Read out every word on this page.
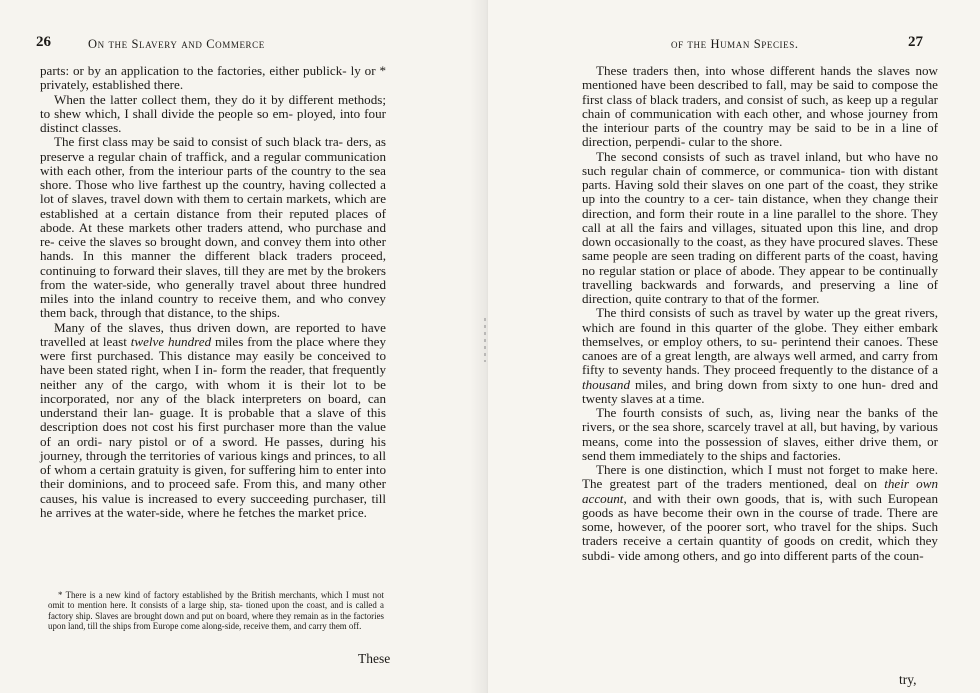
26	On the Slavery and Commerce
parts: or by an application to the factories, either publick- ly or * privately, established there.
When the latter collect them, they do it by different methods; to shew which, I shall divide the people so em- ployed, into four distinct classes.
The first class may be said to consist of such black tra- ders, as preserve a regular chain of traffick, and a regular communication with each other, from the interiour parts of the country to the sea shore. Those who live farthest up the country, having collected a lot of slaves, travel down with them to certain markets, which are established at a certain distance from their reputed places of abode. At these markets other traders attend, who purchase and re- ceive the slaves so brought down, and convey them into other hands. In this manner the different black traders proceed, continuing to forward their slaves, till they are met by the brokers from the water-side, who generally travel about three hundred miles into the inland country to receive them, and who convey them back, through that distance, to the ships.
Many of the slaves, thus driven down, are reported to have travelled at least twelve hundred miles from the place where they were first purchased. This distance may easily be conceived to have been stated right, when I in- form the reader, that frequently neither any of the cargo, with whom it is their lot to be incorporated, nor any of the black interpreters on board, can understand their lan- guage. It is probable that a slave of this description does not cost his first purchaser more than the value of an ordi- nary pistol or of a sword. He passes, during his journey, through the territories of various kings and princes, to all of whom a certain gratuity is given, for suffering him to enter into their dominions, and to proceed safe. From this, and many other causes, his value is increased to every succeeding purchaser, till he arrives at the water-side, where he fetches the market price.
* There is a new kind of factory established by the British merchants, which I must not omit to mention here. It consists of a large ship, sta- tioned upon the coast, and is called a factory ship. Slaves are brought down and put on board, where they remain as in the factories upon land, till the ships from Europe come along-side, receive them, and carry them off.
These
of the Human Species.	27
These traders then, into whose different hands the slaves now mentioned have been described to fall, may be said to compose the first class of black traders, and consist of such, as keep up a regular chain of communication with each other, and whose journey from the interiour parts of the country may be said to be in a line of direction, perpendi- cular to the shore.
The second consists of such as travel inland, but who have no such regular chain of commerce, or communica- tion with distant parts. Having sold their slaves on one part of the coast, they strike up into the country to a cer- tain distance, when they change their direction, and form their route in a line parallel to the shore. They call at all the fairs and villages, situated upon this line, and drop down occasionally to the coast, as they have procured slaves. These same people are seen trading on different parts of the coast, having no regular station or place of abode. They appear to be continually travelling backwards and forwards, and preserving a line of direction, quite contrary to that of the former.
The third consists of such as travel by water up the great rivers, which are found in this quarter of the globe. They either embark themselves, or employ others, to su- perintend their canoes. These canoes are of a great length, are always well armed, and carry from fifty to seventy hands. They proceed frequently to the distance of a thousand miles, and bring down from sixty to one hun- dred and twenty slaves at a time.
The fourth consists of such, as, living near the banks of the rivers, or the sea shore, scarcely travel at all, but having, by various means, come into the possession of slaves, either drive them, or send them immediately to the ships and factories.
There is one distinction, which I must not forget to make here. The greatest part of the traders mentioned, deal on their own account, and with their own goods, that is, with such European goods as have become their own in the course of trade. There are some, however, of the poorer sort, who travel for the ships. Such traders receive a certain quantity of goods on credit, which they subdi- vide among others, and go into different parts of the coun-
try,
